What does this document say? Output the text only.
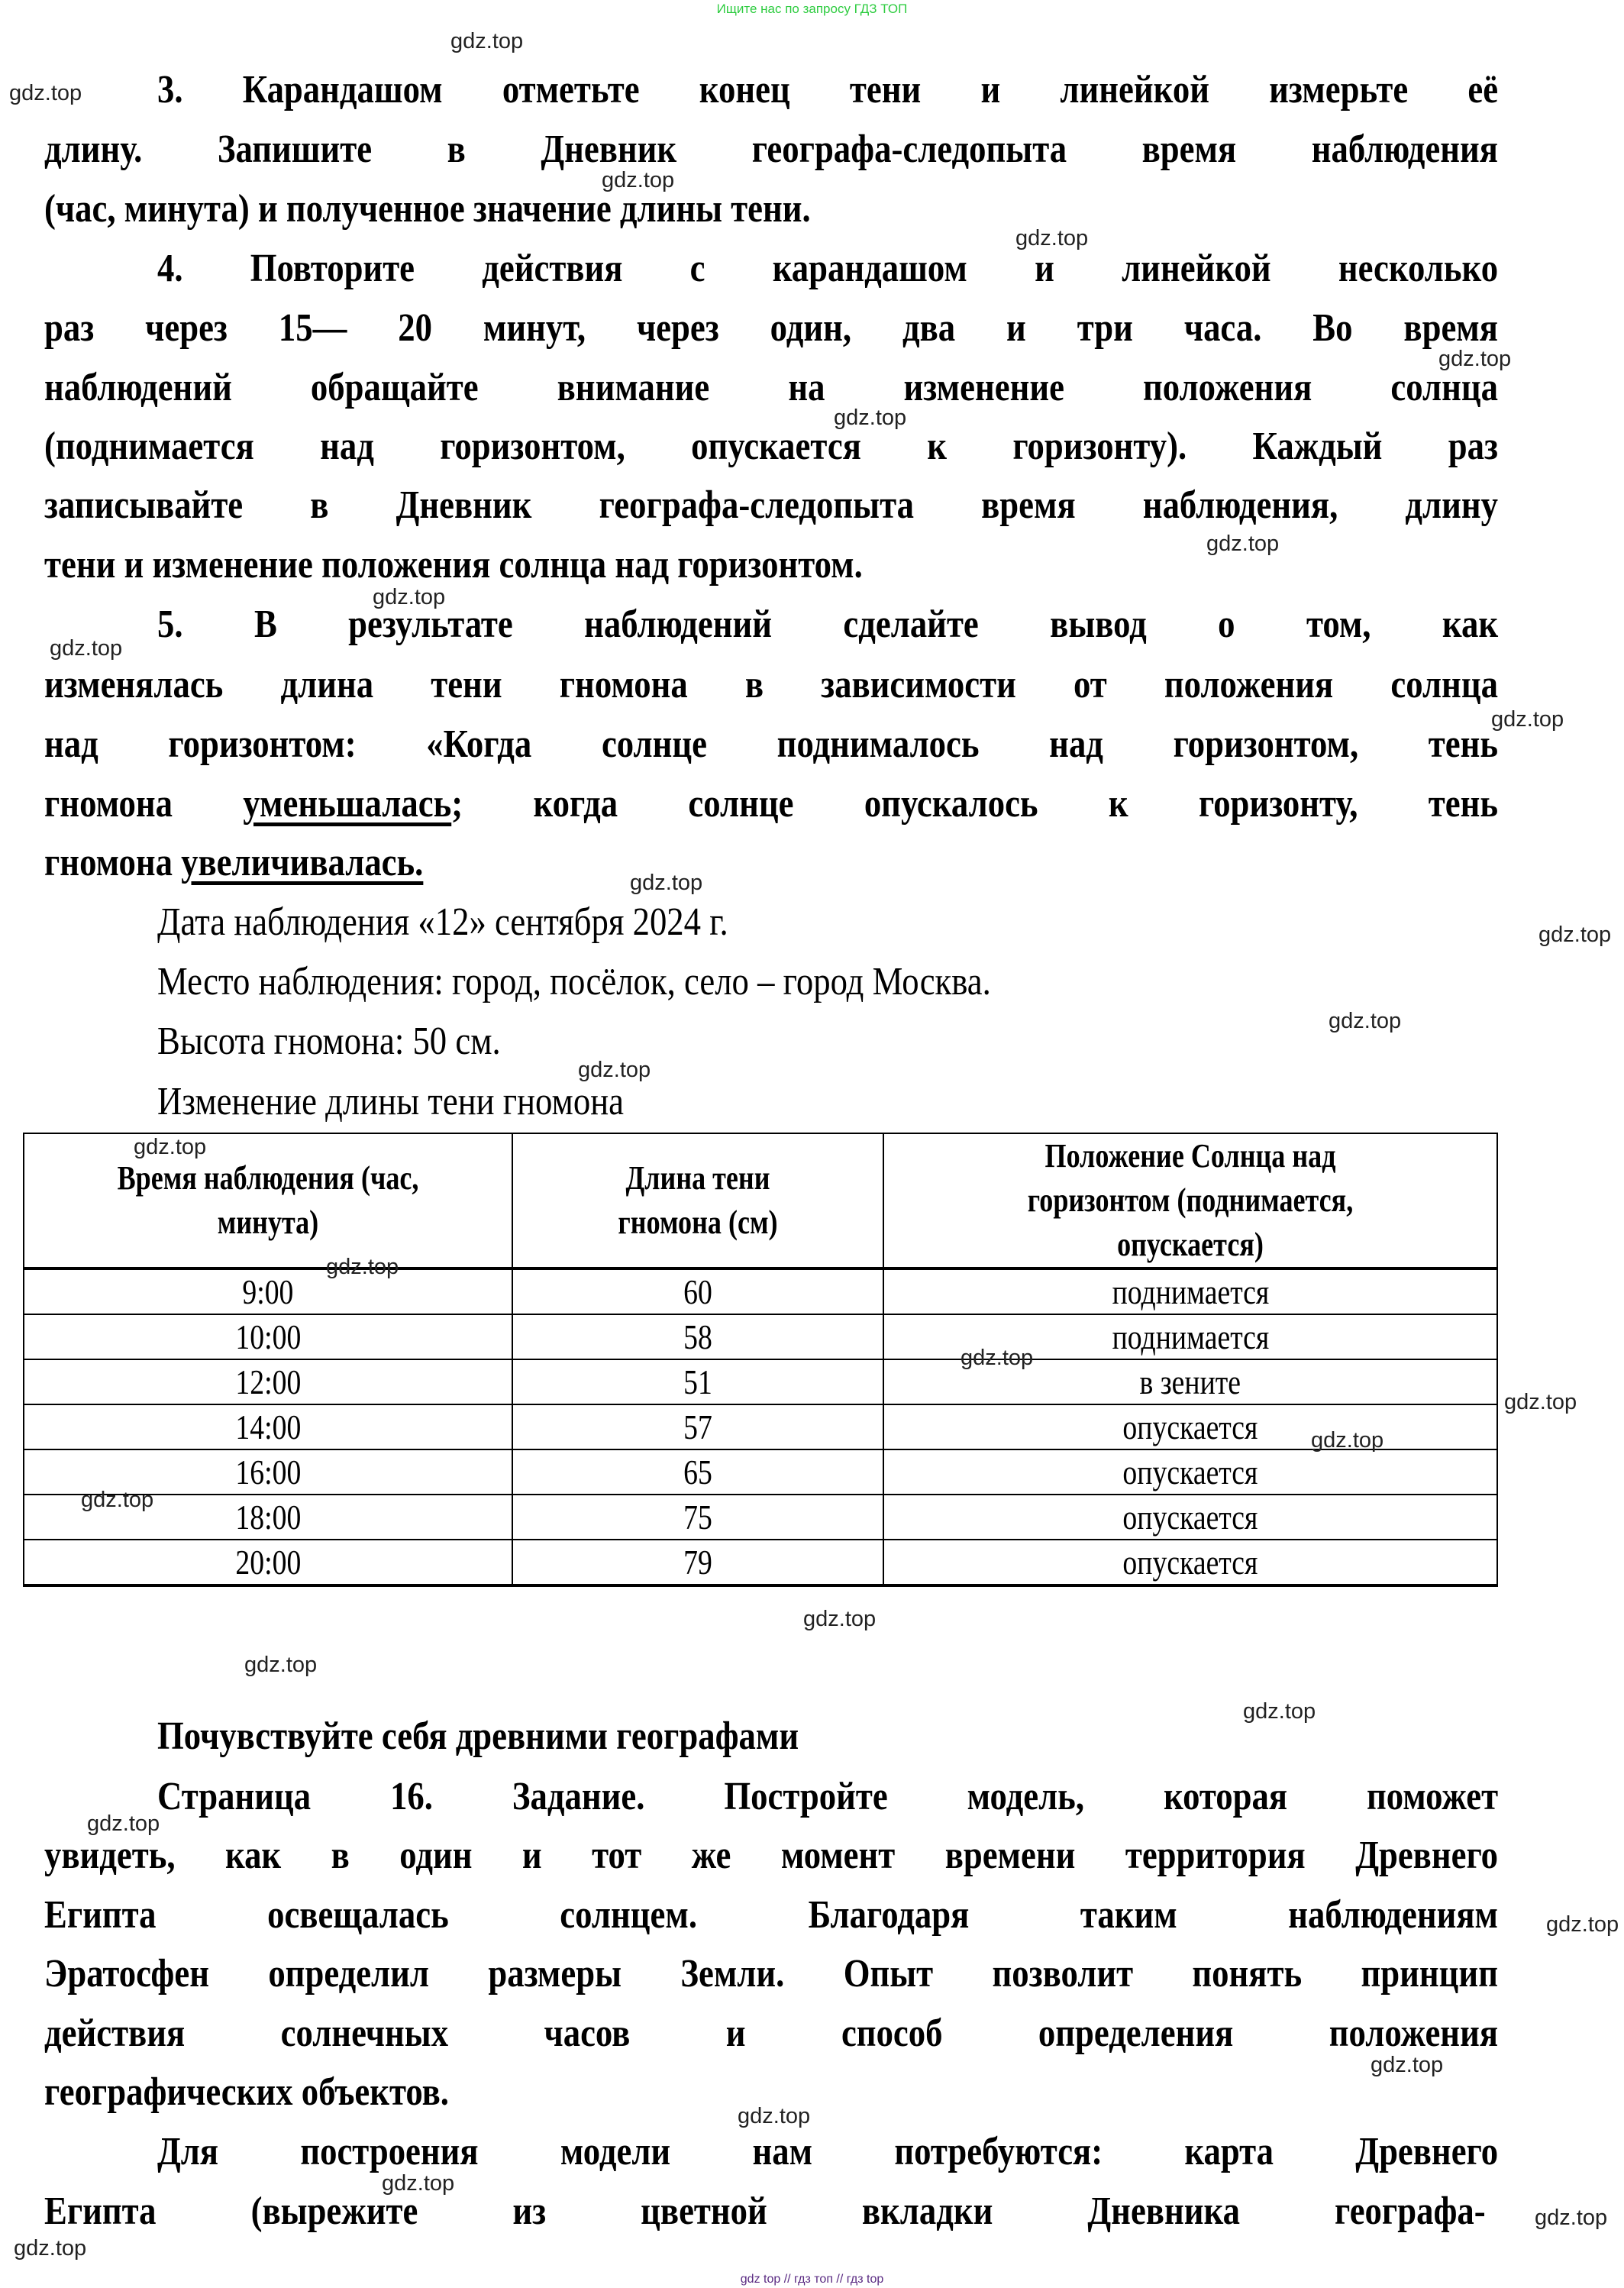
Ищите нас по запросу ГДЗ ТОП
3. Карандашом отметьте конец тени и линейкой измерьте её
длину. Запишите в Дневник географа-следопыта время наблюдения
(час, минута) и полученное значение длины тени.
4. Повторите действия с карандашом и линейкой несколько
раз через 15— 20 минут, через один, два и три часа. Во время
наблюдений обращайте внимание на изменение положения солнца
(поднимается над горизонтом, опускается к горизонту). Каждый раз
записывайте в Дневник географа-следопыта время наблюдения, длину
тени и изменение положения солнца над горизонтом.
5. В результате наблюдений сделайте вывод о том, как
изменялась длина тени гномона в зависимости от положения солнца
над горизонтом: «Когда солнце поднималось над горизонтом, тень
гномона уменьшалась; когда солнце опускалось к горизонту, тень
гномона увеличивалась.
Дата наблюдения «12» сентября 2024 г.
Место наблюдения: город, посёлок, село – город Москва.
Высота гномона: 50 см.
Изменение длины тени гномона
Время наблюдения (час, минута)	Длина тени гномона (см)	Положение Солнца над горизонтом (поднимается, опускается)
9:00	60	поднимается
10:00	58	поднимается
12:00	51	в зените
14:00	57	опускается
16:00	65	опускается
18:00	75	опускается
20:00	79	опускается
Почувствуйте себя древними географами
Страница 16. Задание. Постройте модель, которая поможет
увидеть, как в один и тот же момент времени территория Древнего
Египта	освещалась	солнцем.	Благодаря	таким	наблюдениям
Эратосфен определил размеры Земли. Опыт позволит понять принцип
действия солнечных часов и способ определения положения
географических объектов.
Для построения модели нам потребуются: карта Древнего
Египта (вырежите из цветной вкладки Дневника географа-
gdz.top
gdz.top
gdz.top
gdz.top
gdz.top
gdz.top
gdz.top
gdz.top
gdz.top
gdz.top
gdz.top
gdz.top
gdz.top
gdz.top
gdz.top
gdz.top
gdz.top
gdz.top
gdz.top
gdz.top
gdz.top
gdz.top
gdz.top
gdz.top
gdz.top
gdz.top
gdz.top
gdz.top
gdz.top
gdz.top
gdz top // гдз топ // гдз top
